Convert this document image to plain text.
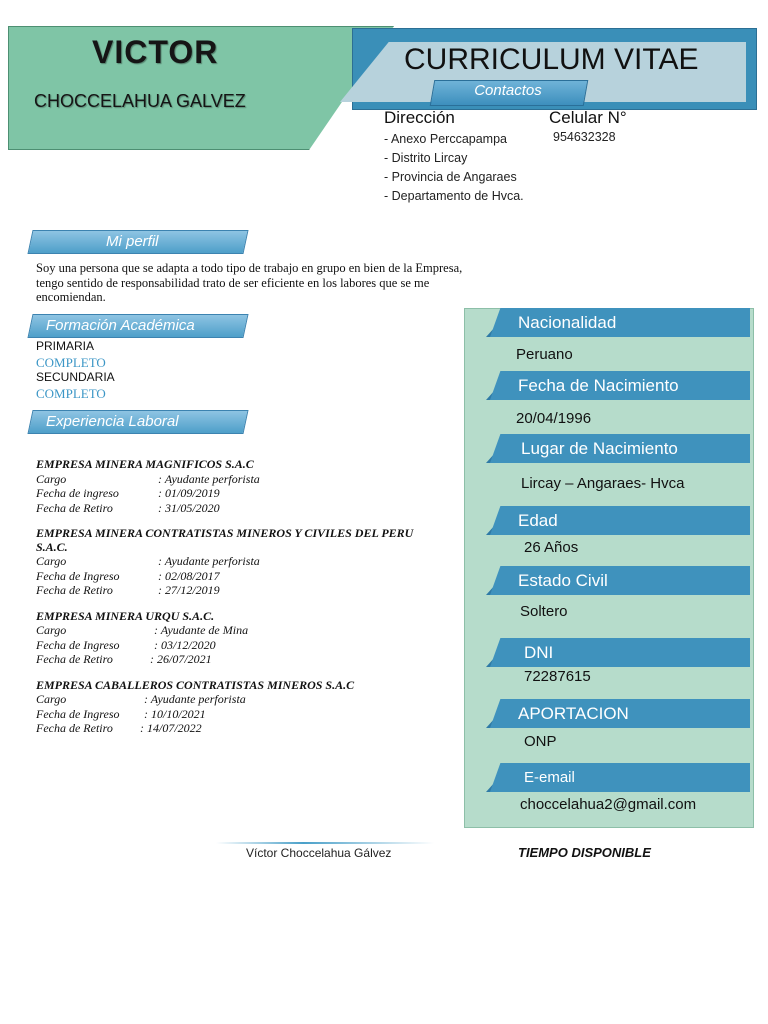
VICTOR
CHOCCELAHUA GALVEZ
CURRICULUM VITAE
Contactos
Dirección	Celular N°
- Anexo Perccapampa
- Distrito Lircay
- Provincia de Angaraes
- Departamento de Hvca.
954632328
Mi perfil
Soy una persona que se adapta a todo tipo de trabajo en grupo en bien de la Empresa, tengo sentido de responsabilidad trato de ser eficiente en los labores que se me encomiendan.
Formación Académica
PRIMARIA
COMPLETO
SECUNDARIA
COMPLETO
Experiencia Laboral
EMPRESA MINERA MAGNIFICOS S.A.C
Cargo	: Ayudante perforista
Fecha de ingreso	: 01/09/2019
Fecha de Retiro	: 31/05/2020
EMPRESA MINERA CONTRATISTAS MINEROS Y CIVILES DEL PERU S.A.C.
Cargo	: Ayudante perforista
Fecha de Ingreso	: 02/08/2017
Fecha de Retiro	: 27/12/2019
EMPRESA MINERA URQU S.A.C.
Cargo	: Ayudante de Mina
Fecha de Ingreso	: 03/12/2020
Fecha de Retiro	: 26/07/2021
EMPRESA CABALLEROS CONTRATISTAS MINEROS S.A.C
Cargo	: Ayudante perforista
Fecha de Ingreso : 10/10/2021
Fecha de Retiro : 14/07/2022
Nacionalidad
Peruano
Fecha de Nacimiento
20/04/1996
Lugar de Nacimiento
Lircay – Angaraes- Hvca
Edad
26 Años
Estado Civil
Soltero
DNI
72287615
APORTACION
ONP
E-email
choccelahua2@gmail.com
Víctor Choccelahua Gálvez	TIEMPO DISPONIBLE
